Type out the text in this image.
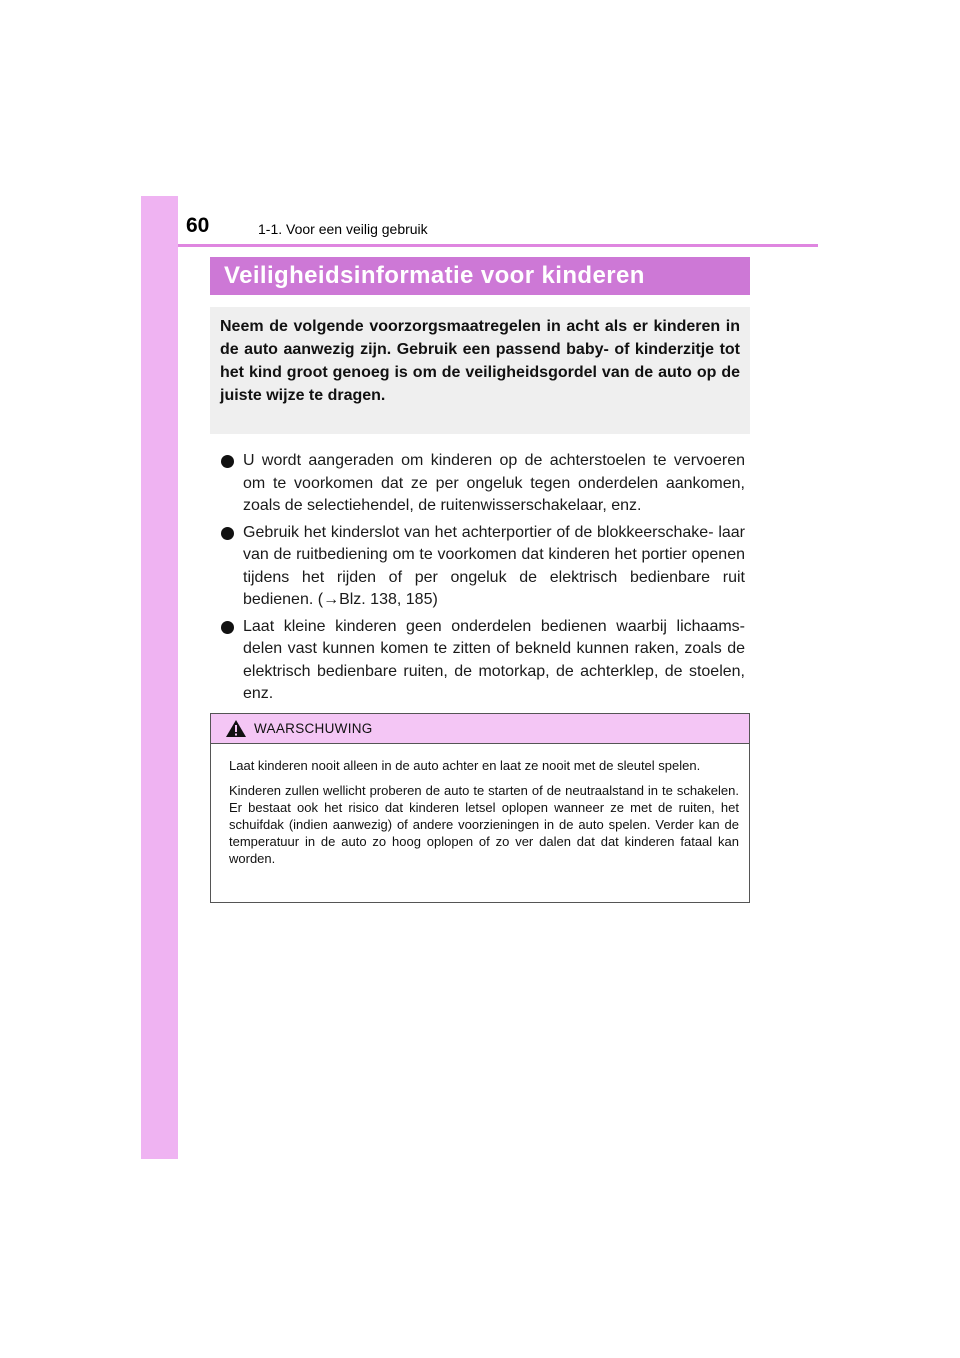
60	1-1. Voor een veilig gebruik
Veiligheidsinformatie voor kinderen

Neem de volgende voorzorgsmaatregelen in acht als er kinderen in de auto aanwezig zijn. Gebruik een passend baby- of kinderzitje tot het kind groot genoeg is om de veiligheidsgordel van de auto op de juiste wijze te dragen.

U wordt aangeraden om kinderen op de achterstoelen te vervoeren om te voorkomen dat ze per ongeluk tegen onderdelen aankomen, zoals de selectiehendel, de ruitenwisserschakelaar, enz.
Gebruik het kinderslot van het achterportier of de blokkeerschake- laar van de ruitbediening om te voorkomen dat kinderen het portier openen tijdens het rijden of per ongeluk de elektrisch bedienbare ruit bedienen. (→Blz. 138, 185)
Laat kleine kinderen geen onderdelen bedienen waarbij lichaams- delen vast kunnen komen te zitten of bekneld kunnen raken, zoals de elektrisch bedienbare ruiten, de motorkap, de achterklep, de stoelen, enz.
WAARSCHUWING

Laat kinderen nooit alleen in de auto achter en laat ze nooit met de sleutel spelen.

Kinderen zullen wellicht proberen de auto te starten of de neutraalstand in te schakelen. Er bestaat ook het risico dat kinderen letsel oplopen wanneer ze met de ruiten, het schuifdak (indien aanwezig) of andere voorzieningen in de auto spelen. Verder kan de temperatuur in de auto zo hoog oplopen of zo ver dalen dat dat kinderen fataal kan worden.
